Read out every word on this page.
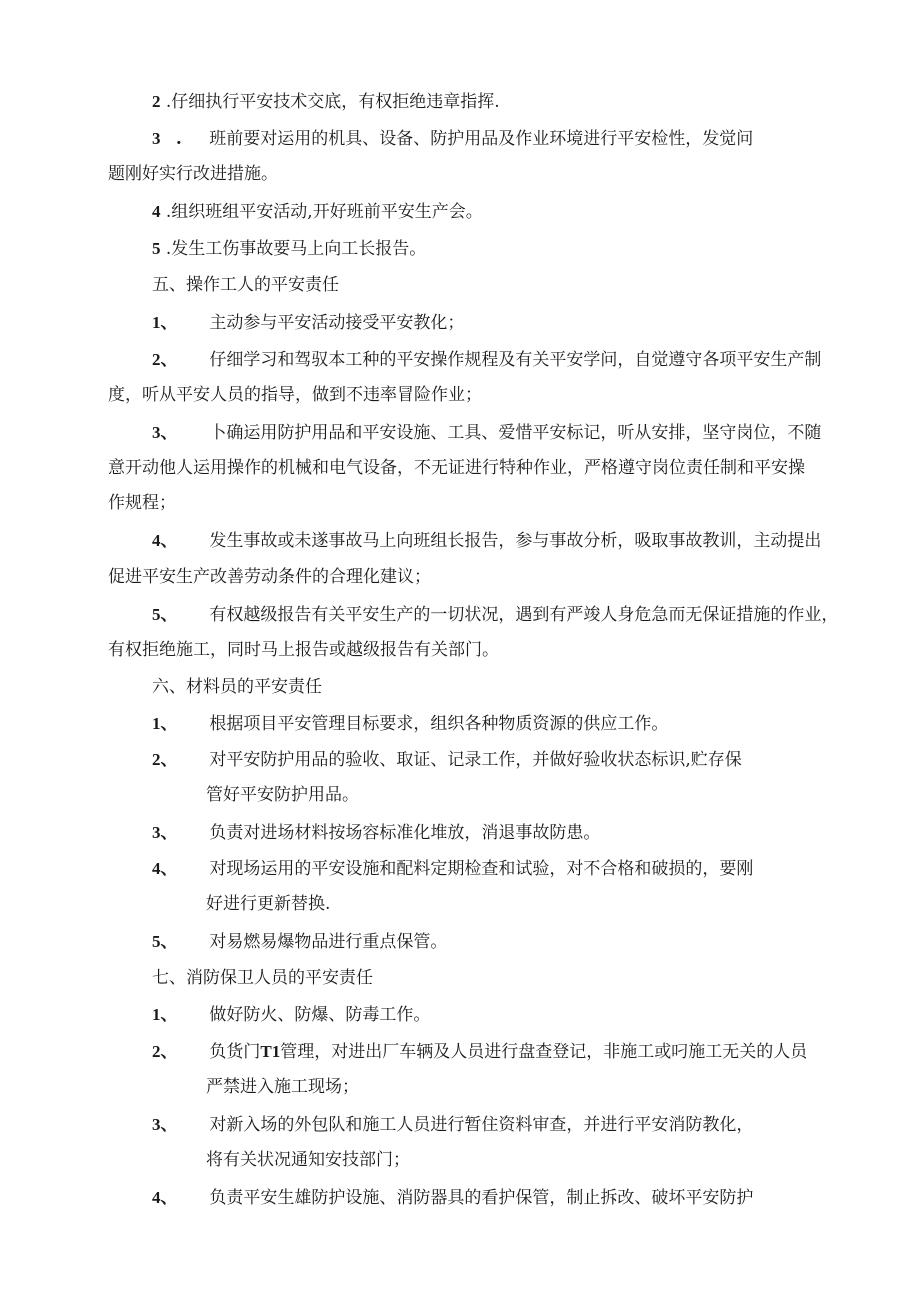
2 .仔细执行平安技术交底，有权拒绝违章指挥.
3 . 班前要对运用的机具、设备、防护用品及作业环境进行平安检性，发觉问
题刚好实行改进措施。
4 .组织班组平安活动,开好班前平安生产会。
5 .发生工伤事故要马上向工长报告。
五、操作工人的平安责任
1、 主动参与平安活动接受平安教化；
2、 仔细学习和驾驭本工种的平安操作规程及有关平安学问，自觉遵守各项平安生产制
度，听从平安人员的指导，做到不违率冒险作业；
3、 卜确运用防护用品和平安设施、工具、爱惜平安标记，听从安排，坚守岗位，不随
意开动他人运用操作的机械和电气设备，不无证进行特种作业，严格遵守岗位责任制和平安操
作规程；
4、 发生事故或未遂事故马上向班组长报告，参与事故分析，吸取事故教训，主动提出
促进平安生产改善劳动条件的合理化建议；
5、 有权越级报告有关平安生产的一切状况，遇到有严竣人身危急而无保证措施的作业，
有权拒绝施工，同时马上报告或越级报告有关部门。
六、材料员的平安责任
1、 根据项目平安管理目标要求，组织各种物质资源的供应工作。
2、 对平安防护用品的验收、取证、记录工作，并做好验收状态标识,贮存保
管好平安防护用品。
3、 负责对进场材料按场容标准化堆放，消退事故防患。
4、 对现场运用的平安设施和配料定期检查和试验，对不合格和破损的，要刚
好进行更新替换.
5、 对易燃易爆物品进行重点保管。
七、消防保卫人员的平安责任
1、 做好防火、防爆、防毒工作。
2、 负货门T1管理，对进出厂车辆及人员进行盘查登记，非施工或叼施工无关的人员
严禁进入施工现场；
3、 对新入场的外包队和施工人员进行暂住资料审查，并进行平安消防教化，
将有关状况通知安技部门；
4、 负责平安生雄防护设施、消防器具的看护保管，制止拆改、破坏平安防护
